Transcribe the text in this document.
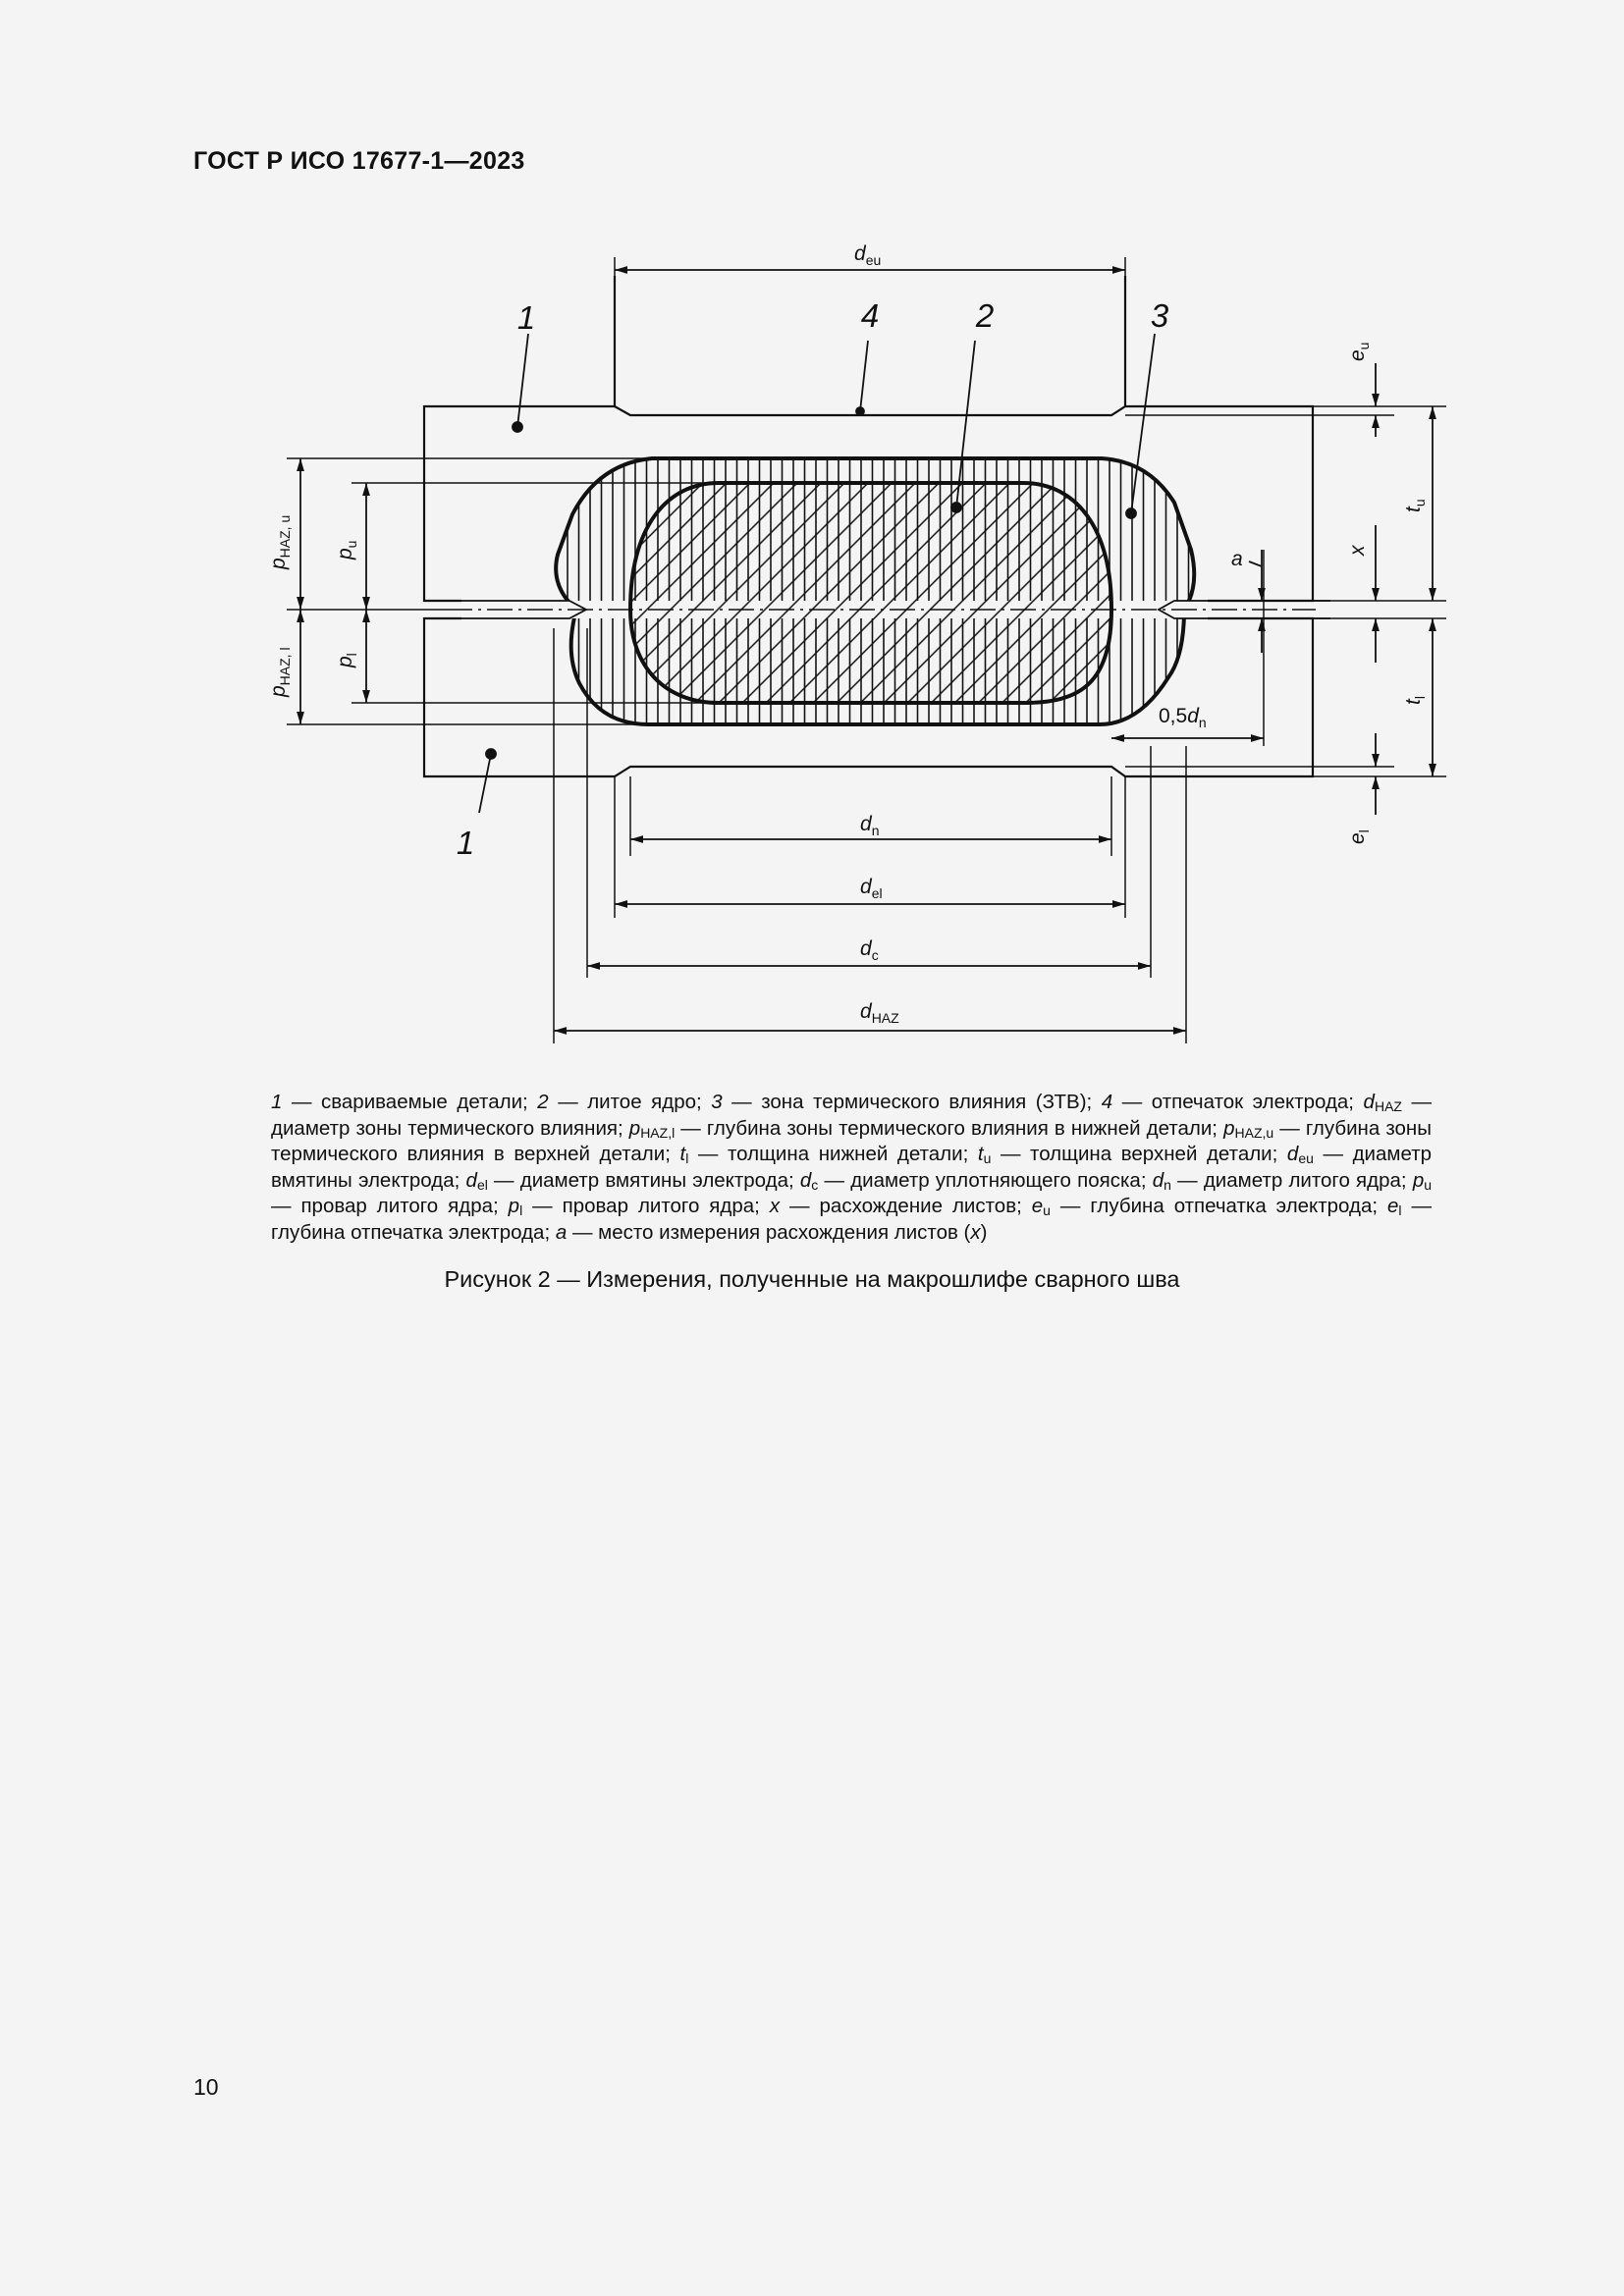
ГОСТ Р ИСО 17677-1—2023

1
1
4	2	3
$d_{eu}$
$d_n$
$d_{el}$
$d_c$
$d_{HAZ}$
$0,5d_n$
a
$p_{HAZ, u}$
$p_{HAZ, l}$
$p_u$
$p_l$
$e_u$
$e_l$
x
$t_u$
$t_l$

1 — свариваемые детали; 2 — литое ядро; 3 — зона термического влияния (ЗТВ); 4 — отпечаток электрода; $d_{HAZ}$ — диаметр зоны термического влияния; $p_{HAZ,l}$ — глубина зоны термического влияния в нижней детали; $p_{HAZ,u}$ — глубина зоны термического влияния в верхней детали; $t_l$ — толщина нижней детали; $t_u$ — толщина верхней детали; $d_{eu}$ — диаметр вмятины электрода; $d_{el}$ — диаметр вмятины электрода; $d_c$ — диаметр уплотняющего пояска; $d_n$ — диаметр литого ядра; $p_u$ — провар литого ядра; $p_l$ — провар литого ядра; x — расхождение листов; $e_u$ — глубина отпечатка электрода; $e_l$ — глубина отпечатка электрода; a — место измерения расхождения листов (x)

Рисунок 2 — Измерения, полученные на макрошлифе сварного шва

10
